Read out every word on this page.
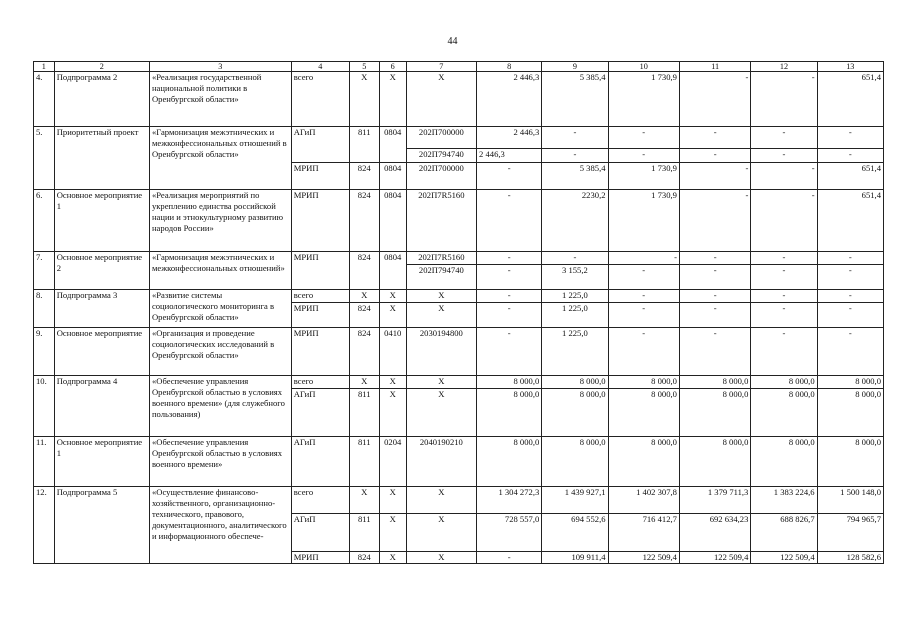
44
1	2	3	4	5	6	7	8	9	10	11	12	13
4.	Подпрограмма 2	«Реализация государственной национальной политики в Оренбургской области»	всего	Х	Х	Х	2 446,3	5 385,4	1 730,9	-	-	651,4
5.	Приоритетный проект	«Гармонизация межэтнических и межконфессиональных отношений в Оренбургской области»	АГиП	811	0804	202П700000	2 446,3	-	-	-	-	-
						202П794740	2 446,3	-	-	-	-	-
			МРИП	824	0804	202П700000	-	5 385,4	1 730,9	-	-	651,4
6.	Основное мероприятие 1	«Реализация мероприятий по укреплению единства российской нации и этнокультурному развитию народов России»	МРИП	824	0804	202П7R5160	-	2230,2	1 730,9	-	-	651,4
7.	Основное мероприятие 2	«Гармонизация межэтнических и межконфессиональных отношений»	МРИП	824	0804	202П7R5160	-	-	-	-	-	-
						202П794740	-	3 155,2	-	-	-	-
8.	Подпрограмма 3	«Развитие системы социологического мониторинга в Оренбургской области»	всего	Х	Х	Х	-	1 225,0	-	-	-	-
			МРИП	824	Х	Х	-	1 225,0	-	-	-	-
9.	Основное мероприятие	«Организация и проведение социологических исследований в Оренбургской области»	МРИП	824	0410	2030194800	-	1 225,0	-	-	-	-
10.	Подпрограмма 4	«Обеспечение управления Оренбургской областью в условиях военного времени» (для служебного пользования)	всего	Х	Х	Х	8 000,0	8 000,0	8 000,0	8 000,0	8 000,0	8 000,0
			АГиП	811	Х	Х	8 000,0	8 000,0	8 000,0	8 000,0	8 000,0	8 000,0
11.	Основное мероприятие 1	«Обеспечение управления Оренбургской областью в условиях военного времени»	АГиП	811	0204	2040190210	8 000,0	8 000,0	8 000,0	8 000,0	8 000,0	8 000,0
12.	Подпрограмма 5	«Осуществление финансово-хозяйственного, организационно-технического, правового, документационного, аналитического и информационного обеспече-	всего	Х	Х	Х	1 304 272,3	1 439 927,1	1 402 307,8	1 379 711,3	1 383 224,6	1 500 148,0
			АГиП	811	Х	Х	728 557,0	694 552,6	716 412,7	692 634,23	688 826,7	794 965,7
			МРИП	824	Х	Х	-	109 911,4	122 509,4	122 509,4	122 509,4	128 582,6
